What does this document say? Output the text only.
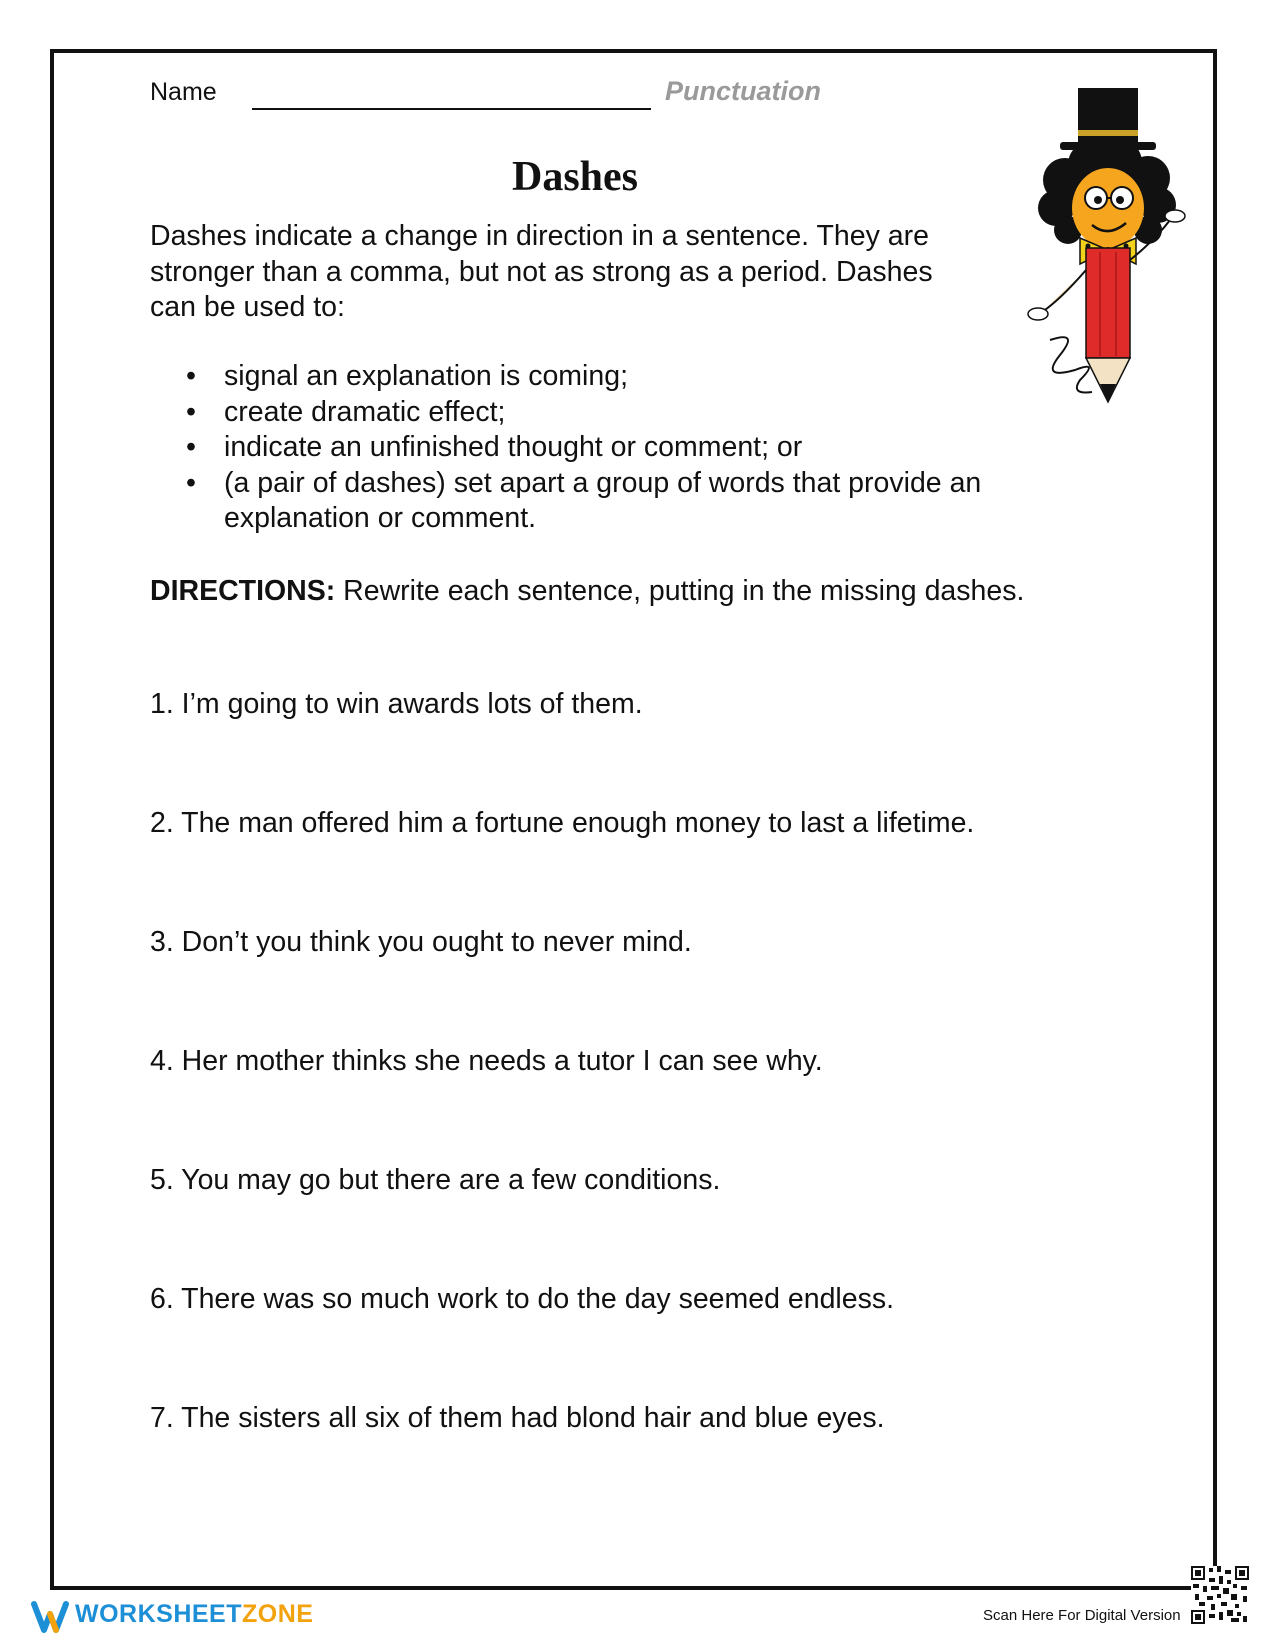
Name	Punctuation
Dashes

Dashes indicate a change in direction in a sentence. They are stronger than a comma, but not as strong as a period. Dashes can be used to:

• signal an explanation is coming;
• create dramatic effect;
• indicate an unfinished thought or comment; or
• (a pair of dashes) set apart a group of words that provide an explanation or comment.

DIRECTIONS: Rewrite each sentence, putting in the missing dashes.

1. I’m going to win awards lots of them.
2. The man offered him a fortune enough money to last a lifetime.
3. Don’t you think you ought to never mind.
4. Her mother thinks she needs a tutor I can see why.
5. You may go but there are a few conditions.
6. There was so much work to do the day seemed endless.
7. The sisters all six of them had blond hair and blue eyes.
WORKSHEETZONE	Scan Here For Digital Version
